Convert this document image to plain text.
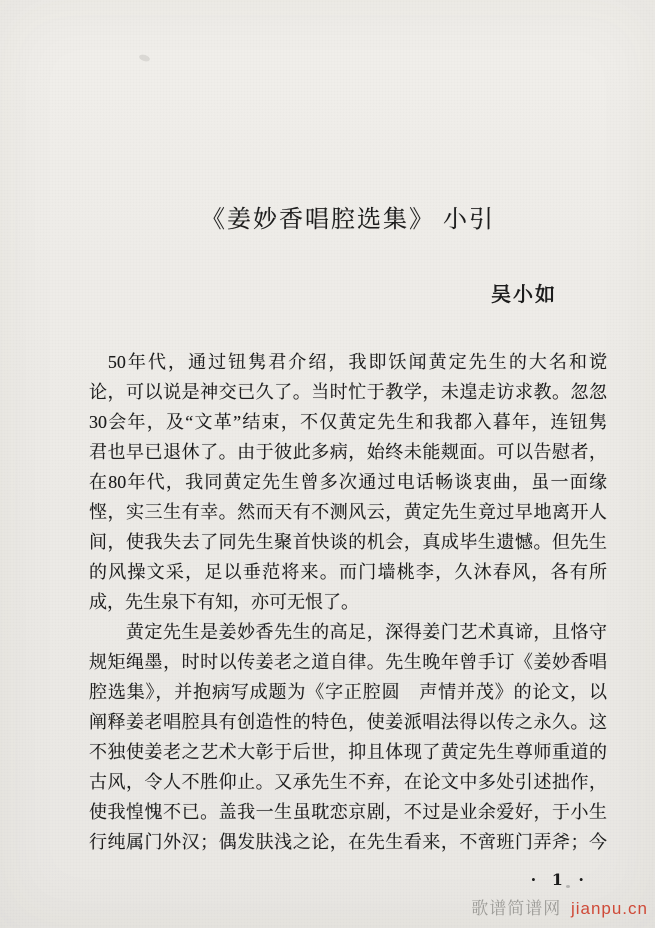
《姜妙香唱腔选集》 小引
吴小如
50年代，通过钮隽君介绍，我即饫闻黄定先生的大名和谠
论，可以说是神交已久了。当时忙于教学，未遑走访求教。忽忽
30会年，及“文革”结束，不仅黄定先生和我都入暮年，连钮隽
君也早已退休了。由于彼此多病，始终未能觌面。可以告慰者，
在80年代，我同黄定先生曾多次通过电话畅谈衷曲，虽一面缘
悭，实三生有幸。然而天有不测风云，黄定先生竟过早地离开人
间，使我失去了同先生聚首快谈的机会，真成毕生遗憾。但先生
的风操文采，足以垂范将来。而门墙桃李，久沐春风，各有所
成，先生泉下有知，亦可无恨了。
黄定先生是姜妙香先生的高足，深得姜门艺术真谛，且恪守
规矩绳墨，时时以传姜老之道自律。先生晚年曾手订《姜妙香唱
腔选集》，并抱病写成题为《字正腔圆　声情并茂》的论文，以
阐释姜老唱腔具有创造性的特色，使姜派唱法得以传之永久。这
不独使姜老之艺术大彰于后世，抑且体现了黄定先生尊师重道的
古风，令人不胜仰止。又承先生不弃，在论文中多处引述拙作，
使我惶愧不已。盖我一生虽耽恋京剧，不过是业余爱好，于小生
行纯属门外汉；偶发肤浅之论，在先生看来，不啻班门弄斧；今
· 1 ·
歌谱简谱网 jianpu.cn
